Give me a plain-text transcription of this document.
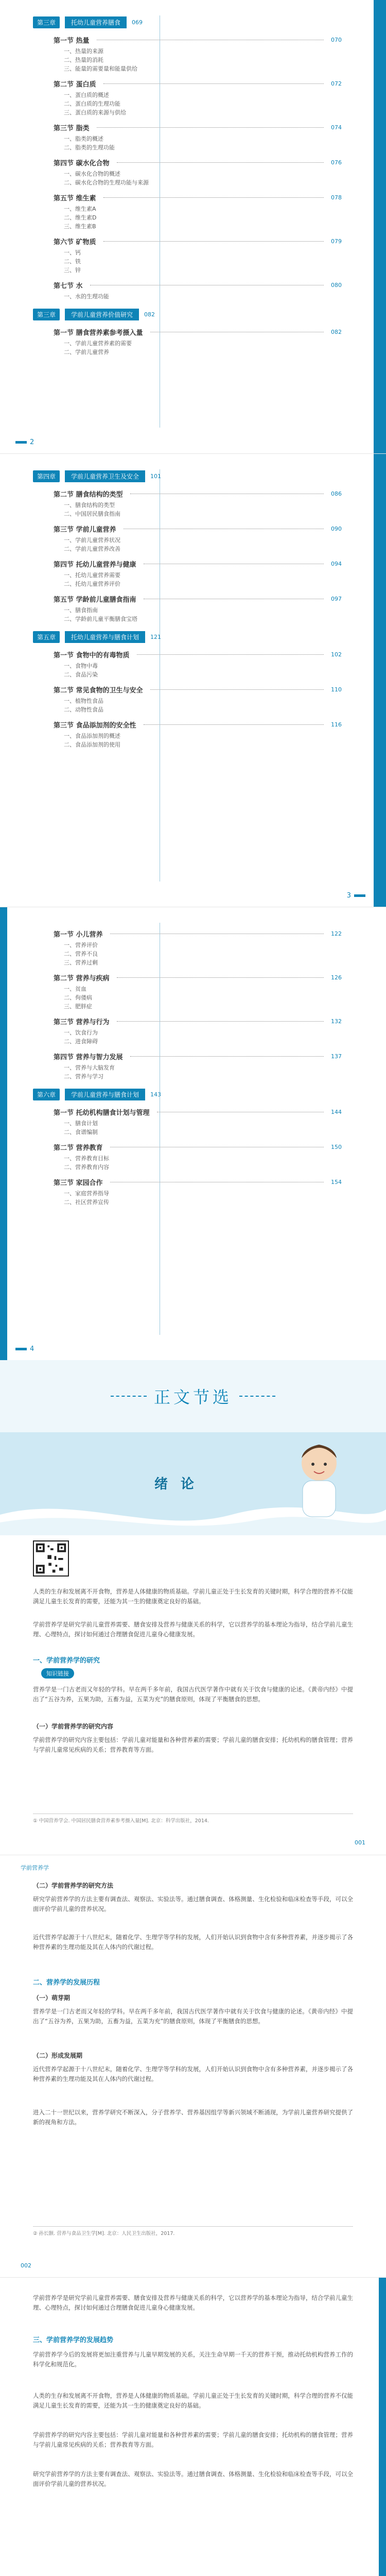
第三章	托幼儿童营养膳食	069
第一节 热量	070
一、热量的来源
二、热量的消耗
三、能量的需要量和能量供给
第二节 蛋白质	072
一、蛋白质的概述
二、蛋白质的生理功能
三、蛋白质的来源与供给
第三节 脂类	074
一、脂类的概述
二、脂类的生理功能
第四节 碳水化合物	076
一、碳水化合物的概述
二、碳水化合物的生理功能与来源
第五节 维生素	078
一、维生素A
二、维生素D
三、维生素B
第六节 矿物质	079
一、钙
二、铁
三、锌
第七节 水	080
一、水的生理功能
第三章	学前儿童营养价值研究	082
第一节 膳食营养素参考摄入量	082
一、学前儿童营养素的需要
二、学前儿童营养
2
第四章	学前儿童营养卫生及安全	101
第二节 膳食结构的类型	086
一、膳食结构的类型
二、中国居民膳食指南
第三节 学前儿童营养	090
一、学前儿童营养状况
二、学前儿童营养改善
第四节 托幼儿童营养与健康	094
一、托幼儿童营养需要
二、托幼儿童营养评价
第五节 学龄前儿童膳食指南	097
一、膳食指南
二、学龄前儿童平衡膳食宝塔
第五章	托幼儿童营养与膳食计划	121
第一节 食物中的有毒物质	102
一、食物中毒
二、食品污染
第二节 常见食物的卫生与安全	110
一、植物性食品
二、动物性食品
第三节 食品添加剂的安全性	116
一、食品添加剂的概述
二、食品添加剂的使用
3
第一节 小儿营养	122
一、营养评价
二、营养不良
三、营养过剩
第二节 营养与疾病	126
一、贫血
二、佝偻病
三、肥胖症
第三节 营养与行为	132
一、饮食行为
二、进食障碍
第四节 营养与智力发展	137
一、营养与大脑发育
二、营养与学习
第六章	学前儿童营养与膳食计划	143
第一节 托幼机构膳食计划与管理	144
一、膳食计划
二、食谱编制
第二节 营养教育	150
一、营养教育目标
二、营养教育内容
第三节 家园合作	154
一、家庭营养指导
二、社区营养宣传
4
正文节选
绪 论

人类的生存和发展离不开食物，营养是人体健康的物质基础。学前儿童正处于生长发育的关键时期，科学合理的营养不仅能满足儿童生长发育的需要，还能为其一生的健康奠定良好的基础。

学前营养学是研究学前儿童营养需要、膳食安排及营养与健康关系的科学，它以营养学的基本理论为指导，结合学前儿童生理、心理特点，探讨如何通过合理膳食促进儿童身心健康发展。

一、学前营养学的研究
知识链接

营养学是一门古老而又年轻的学科。早在两千多年前，我国古代医学著作中就有关于饮食与健康的论述。《黄帝内经》中提出了“五谷为养，五果为助，五畜为益，五菜为充”的膳食原则，体现了平衡膳食的思想。

（一）学前营养学的研究内容

学前营养学的研究内容主要包括：学前儿童对能量和各种营养素的需要；学前儿童的膳食安排；托幼机构的膳食管理；营养与学前儿童常见疾病的关系；营养教育等方面。

① 中国营养学会. 中国居民膳食营养素参考摄入量[M]. 北京：科学出版社，2014.
001
学前营养学
（二）学前营养学的研究方法

研究学前营养学的方法主要有调查法、观察法、实验法等。通过膳食调查、体格测量、生化检验和临床检查等手段，可以全面评价学前儿童的营养状况。

近代营养学起源于十八世纪末，随着化学、生理学等学科的发展，人们开始认识到食物中含有多种营养素，并逐步揭示了各种营养素的生理功能及其在人体内的代谢过程。

二、营养学的发展历程
（一）萌芽期

营养学是一门古老而又年轻的学科。早在两千多年前，我国古代医学著作中就有关于饮食与健康的论述。《黄帝内经》中提出了“五谷为养，五果为助，五畜为益，五菜为充”的膳食原则，体现了平衡膳食的思想。

（二）形成发展期

近代营养学起源于十八世纪末，随着化学、生理学等学科的发展，人们开始认识到食物中含有多种营养素，并逐步揭示了各种营养素的生理功能及其在人体内的代谢过程。

进入二十一世纪以来，营养学研究不断深入，分子营养学、营养基因组学等新兴领域不断涌现，为学前儿童营养研究提供了新的视角和方法。

② 孙长颢. 营养与食品卫生学[M]. 北京：人民卫生出版社，2017.
002

学前营养学是研究学前儿童营养需要、膳食安排及营养与健康关系的科学，它以营养学的基本理论为指导，结合学前儿童生理、心理特点，探讨如何通过合理膳食促进儿童身心健康发展。

三、学前营养学的发展趋势

学前营养学今后的发展将更加注重营养与儿童早期发展的关系，关注生命早期一千天的营养干预，推动托幼机构营养工作的科学化和规范化。

人类的生存和发展离不开食物，营养是人体健康的物质基础。学前儿童正处于生长发育的关键时期，科学合理的营养不仅能满足儿童生长发育的需要，还能为其一生的健康奠定良好的基础。

学前营养学的研究内容主要包括：学前儿童对能量和各种营养素的需要；学前儿童的膳食安排；托幼机构的膳食管理；营养与学前儿童常见疾病的关系；营养教育等方面。

研究学前营养学的方法主要有调查法、观察法、实验法等。通过膳食调查、体格测量、生化检验和临床检查等手段，可以全面评价学前儿童的营养状况。
